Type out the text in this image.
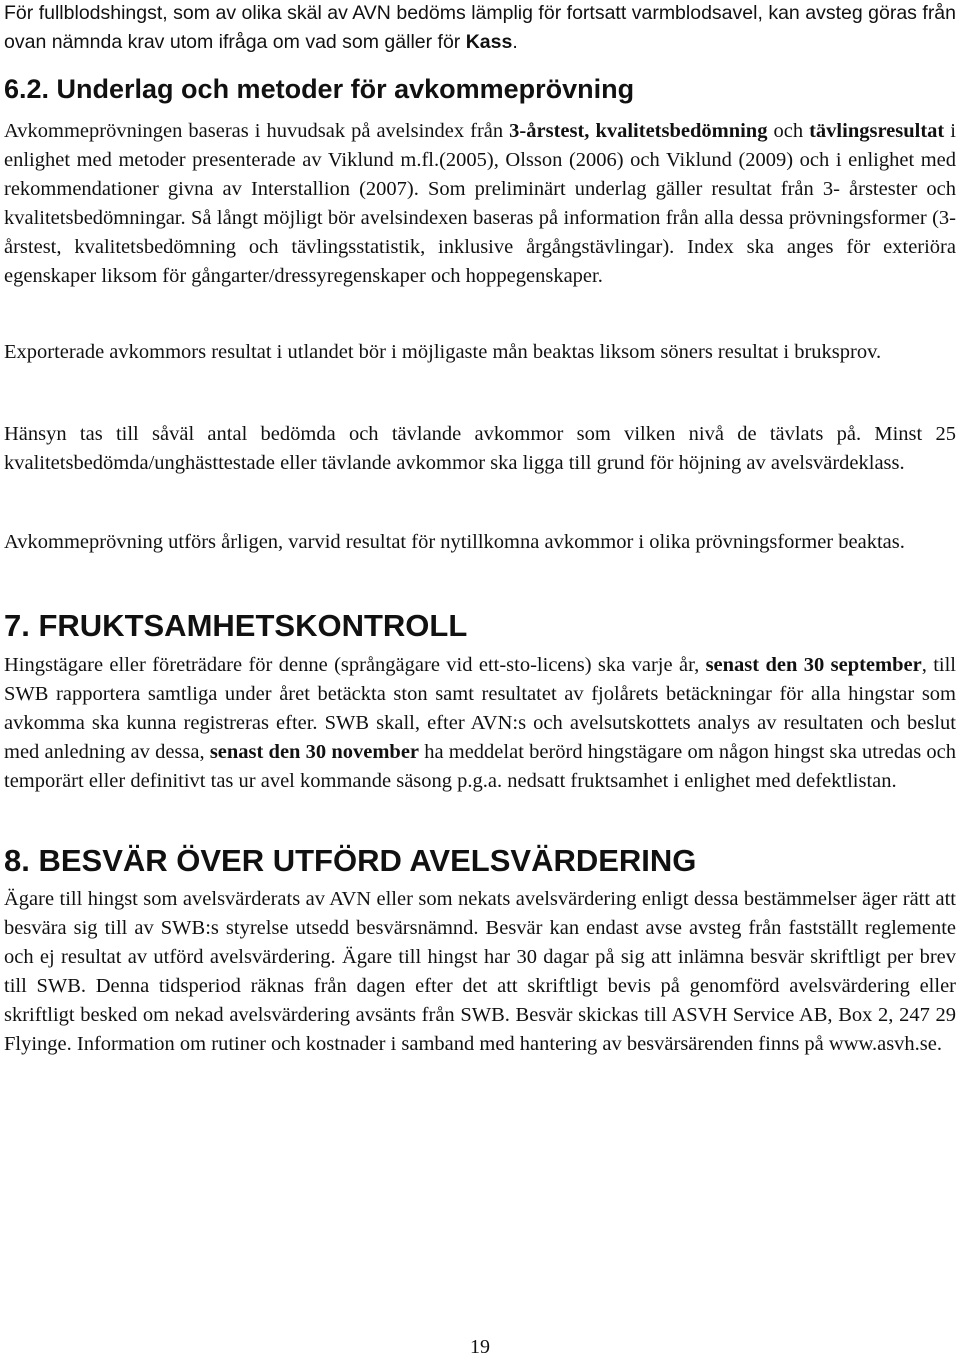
För fullblodshingst, som av olika skäl av AVN bedöms lämplig för fortsatt varmblodsavel, kan avsteg göras från ovan nämnda krav utom ifråga om vad som gäller för Kass.

6.2. Underlag och metoder för avkommeprövning

Avkommeprövningen baseras i huvudsak på avelsindex från 3-årstest, kvalitetsbedömning och tävlingsresultat i enlighet med metoder presenterade av Viklund m.fl.(2005), Olsson (2006) och Viklund (2009) och i enlighet med rekommendationer givna av Interstallion (2007). Som preliminärt underlag gäller resultat från 3- årstester och kvalitetsbedömningar. Så långt möjligt bör avelsindexen baseras på information från alla dessa prövningsformer (3-årstest, kvalitetsbedömning och tävlingsstatistik, inklusive årgångstävlingar). Index ska anges för exteriöra egenskaper liksom för gångarter/dressyregenskaper och hoppegenskaper.

Exporterade avkommors resultat i utlandet bör i möjligaste mån beaktas liksom söners resultat i bruksprov.

Hänsyn tas till såväl antal bedömda och tävlande avkommor som vilken nivå de tävlats på. Minst 25 kvalitetsbedömda/unghästtestade eller tävlande avkommor ska ligga till grund för höjning av avelsvärdeklass.

Avkommeprövning utförs årligen, varvid resultat för nytillkomna avkommor i olika prövningsformer beaktas.

7. FRUKTSAMHETSKONTROLL

Hingstägare eller företrädare för denne (språngägare vid ett-sto-licens) ska varje år, senast den 30 september, till SWB rapportera samtliga under året betäckta ston samt resultatet av fjolårets betäckningar för alla hingstar som avkomma ska kunna registreras efter. SWB skall, efter AVN:s och avelsutskottets analys av resultaten och beslut med anledning av dessa, senast den 30 november ha meddelat berörd hingstägare om någon hingst ska utredas och temporärt eller definitivt tas ur avel kommande säsong p.g.a. nedsatt fruktsamhet i enlighet med defektlistan.

8. BESVÄR ÖVER UTFÖRD AVELSVÄRDERING

Ägare till hingst som avelsvärderats av AVN eller som nekats avelsvärdering enligt dessa bestämmelser äger rätt att besvära sig till av SWB:s styrelse utsedd besvärsnämnd. Besvär kan endast avse avsteg från fastställt reglemente och ej resultat av utförd avelsvärdering. Ägare till hingst har 30 dagar på sig att inlämna besvär skriftligt per brev till SWB. Denna tidsperiod räknas från dagen efter det att skriftligt bevis på genomförd avelsvärdering eller skriftligt besked om nekad avelsvärdering avsänts från SWB. Besvär skickas till ASVH Service AB, Box 2, 247 29 Flyinge. Information om rutiner och kostnader i samband med hantering av besvärsärenden finns på www.asvh.se.

19
